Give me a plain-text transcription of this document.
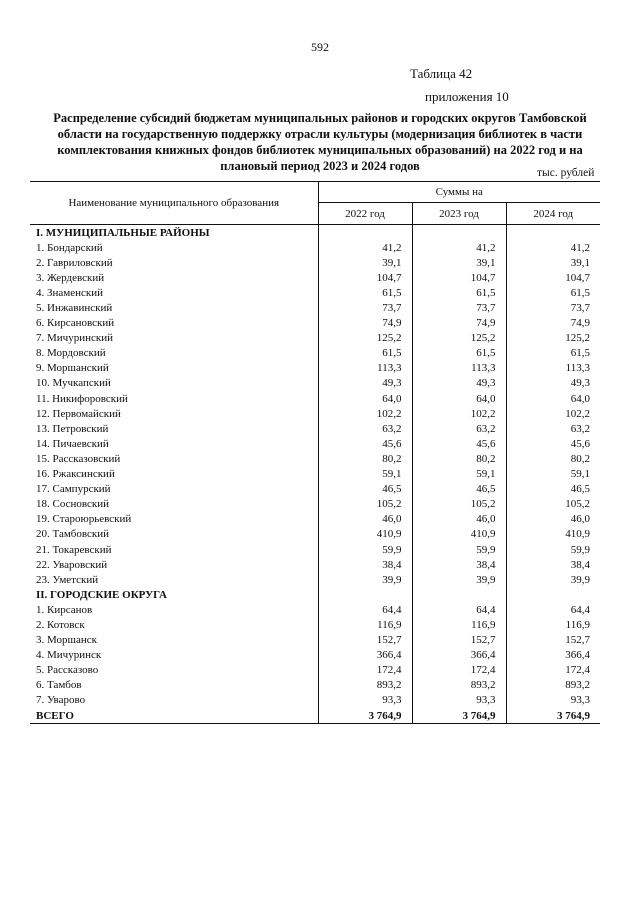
592
Таблица 42
приложения 10
Распределение субсидий бюджетам муниципальных районов и городских округов Тамбовской области на государственную поддержку отрасли культуры (модернизация библиотек в части комплектования книжных фондов библиотек муниципальных образований) на 2022 год и на плановый период 2023 и 2024 годов	тыс. рублей
Наименование муниципального образования	Суммы на		
	2022 год	2023 год	2024 год
I. МУНИЦИПАЛЬНЫЕ РАЙОНЫ			
1. Бондарский	41,2	41,2	41,2
2. Гавриловский	39,1	39,1	39,1
3. Жердевский	104,7	104,7	104,7
4. Знаменский	61,5	61,5	61,5
5. Инжавинский	73,7	73,7	73,7
6. Кирсановский	74,9	74,9	74,9
7. Мичуринский	125,2	125,2	125,2
8. Мордовский	61,5	61,5	61,5
9. Моршанский	113,3	113,3	113,3
10. Мучкапский	49,3	49,3	49,3
11. Никифоровский	64,0	64,0	64,0
12. Первомайский	102,2	102,2	102,2
13. Петровский	63,2	63,2	63,2
14. Пичаевский	45,6	45,6	45,6
15. Рассказовский	80,2	80,2	80,2
16. Ржаксинский	59,1	59,1	59,1
17. Сампурский	46,5	46,5	46,5
18. Сосновский	105,2	105,2	105,2
19. Староюрьевский	46,0	46,0	46,0
20. Тамбовский	410,9	410,9	410,9
21. Токаревский	59,9	59,9	59,9
22. Уваровский	38,4	38,4	38,4
23. Уметский	39,9	39,9	39,9
II. ГОРОДСКИЕ ОКРУГА			
1. Кирсанов	64,4	64,4	64,4
2. Котовск	116,9	116,9	116,9
3. Моршанск	152,7	152,7	152,7
4. Мичуринск	366,4	366,4	366,4
5. Рассказово	172,4	172,4	172,4
6. Тамбов	893,2	893,2	893,2
7. Уварово	93,3	93,3	93,3
ВСЕГО	3 764,9	3 764,9	3 764,9
